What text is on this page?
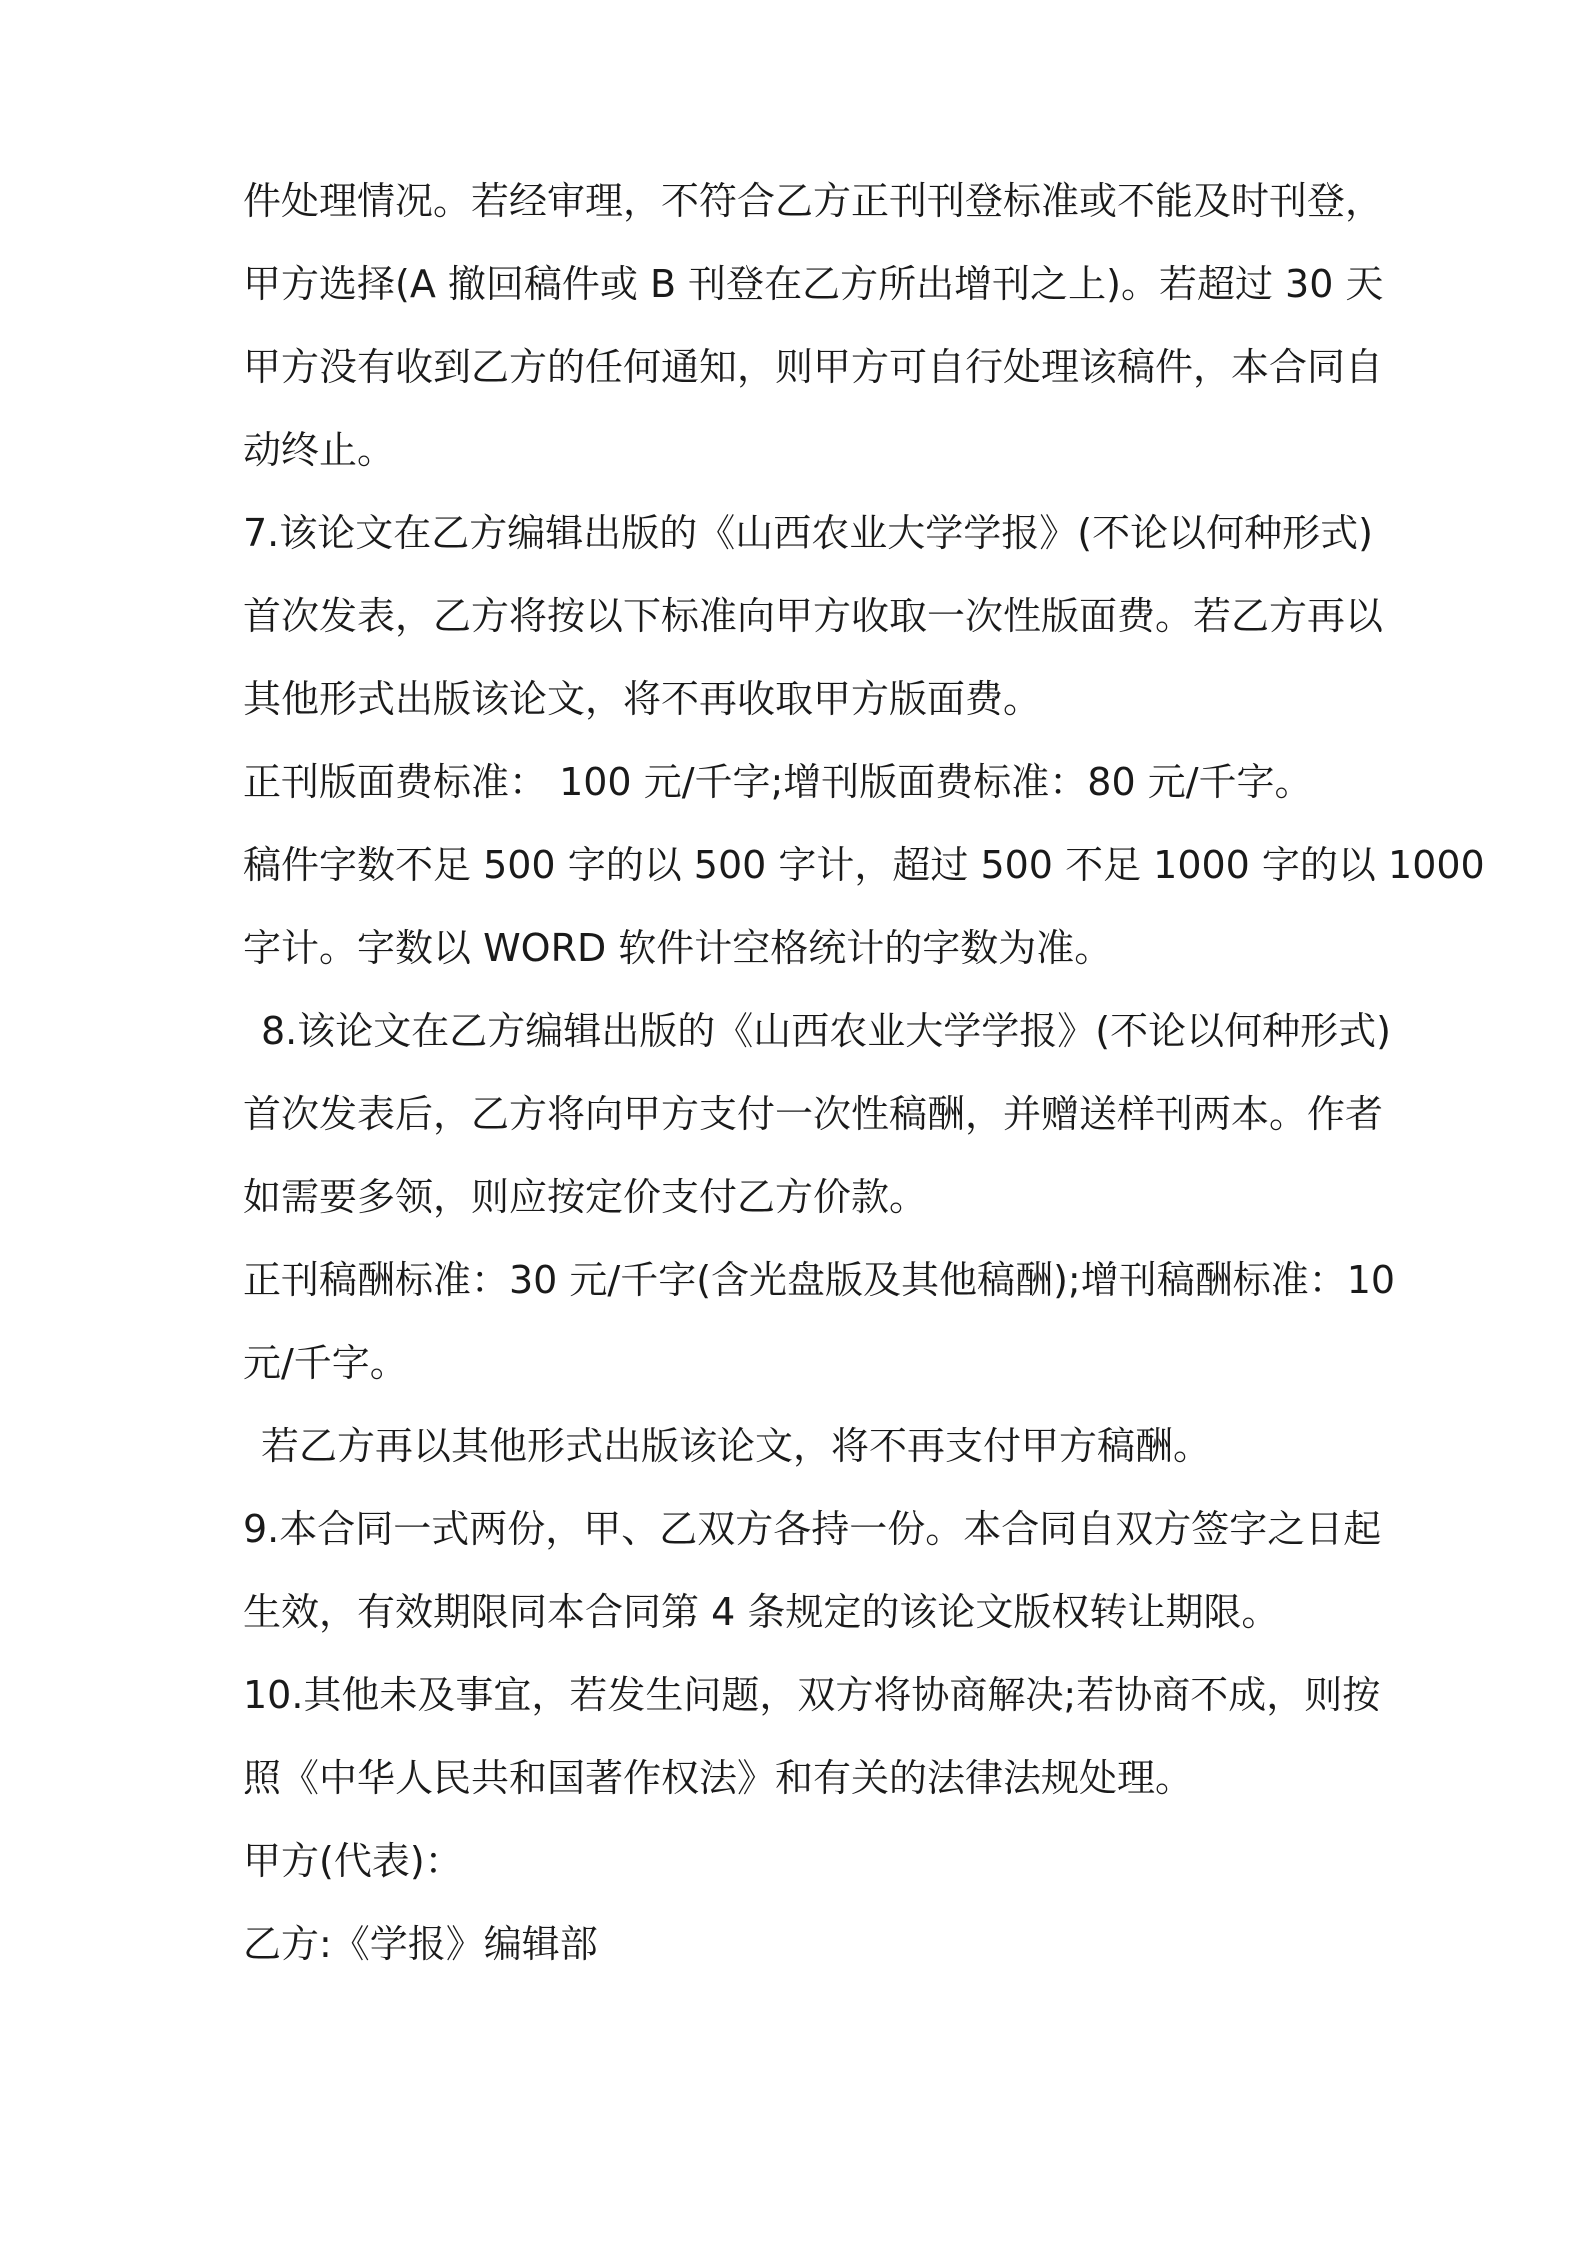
件处理情况。若经审理，不符合乙方正刊刊登标准或不能及时刊登，
甲方选择(A 撤回稿件或 B 刊登在乙方所出增刊之上)。若超过 30 天
甲方没有收到乙方的任何通知，则甲方可自行处理该稿件，本合同自
动终止。
7.该论文在乙方编辑出版的《山西农业大学学报》(不论以何种形式)
首次发表，乙方将按以下标准向甲方收取一次性版面费。若乙方再以
其他形式出版该论文，将不再收取甲方版面费。
正刊版面费标准： 100 元/千字;增刊版面费标准：80 元/千字。
稿件字数不足 500 字的以 500 字计，超过 500 不足 1000 字的以 1000
字计。字数以 WORD 软件计空格统计的字数为准。
8.该论文在乙方编辑出版的《山西农业大学学报》(不论以何种形式)
首次发表后，乙方将向甲方支付一次性稿酬，并赠送样刊两本。作者
如需要多领，则应按定价支付乙方价款。
正刊稿酬标准：30 元/千字(含光盘版及其他稿酬);增刊稿酬标准：10
元/千字。
若乙方再以其他形式出版该论文，将不再支付甲方稿酬。
9.本合同一式两份，甲、乙双方各持一份。本合同自双方签字之日起
生效，有效期限同本合同第 4 条规定的该论文版权转让期限。
10.其他未及事宜，若发生问题，双方将协商解决;若协商不成，则按
照《中华人民共和国著作权法》和有关的法律法规处理。
甲方(代表)：
乙方:《学报》编辑部
